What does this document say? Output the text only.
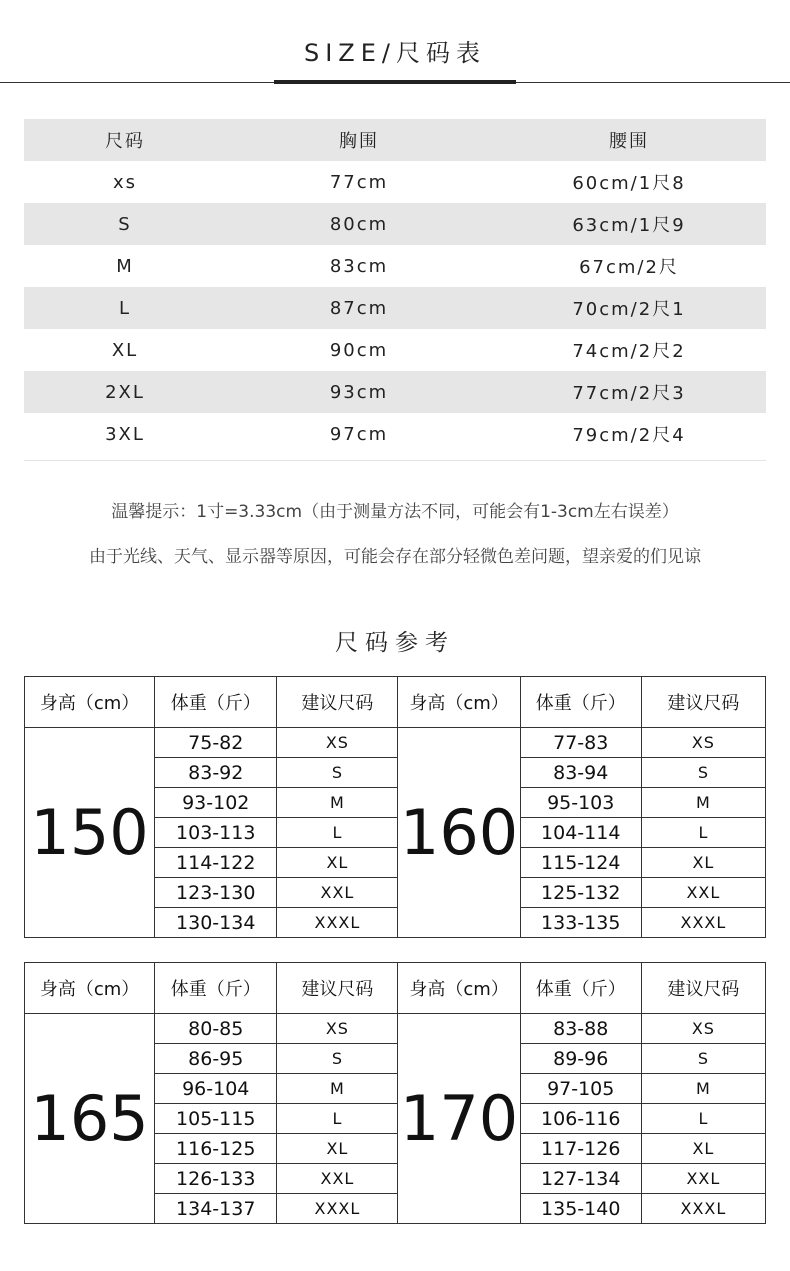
SIZE/尺码表
尺码	胸围	腰围
xs	77cm	60cm/1尺8
S	80cm	63cm/1尺9
M	83cm	67cm/2尺
L	87cm	70cm/2尺1
XL	90cm	74cm/2尺2
2XL	93cm	77cm/2尺3
3XL	97cm	79cm/2尺4
温馨提示：1寸=3.33cm（由于测量方法不同，可能会有1-3cm左右误差）
由于光线、天气、显示器等原因，可能会存在部分轻微色差问题，望亲爱的们见谅
尺码参考
身高（cm）	体重（斤）	建议尺码	身高（cm）	体重（斤）	建议尺码
150	75-82	XS	160	77-83	XS
	83-92	S		83-94	S
	93-102	M		95-103	M
	103-113	L		104-114	L
	114-122	XL		115-124	XL
	123-130	XXL		125-132	XXL
	130-134	XXXL		133-135	XXXL
身高（cm）	体重（斤）	建议尺码	身高（cm）	体重（斤）	建议尺码
165	80-85	XS	170	83-88	XS
	86-95	S		89-96	S
	96-104	M		97-105	M
	105-115	L		106-116	L
	116-125	XL		117-126	XL
	126-133	XXL		127-134	XXL
	134-137	XXXL		135-140	XXXL
